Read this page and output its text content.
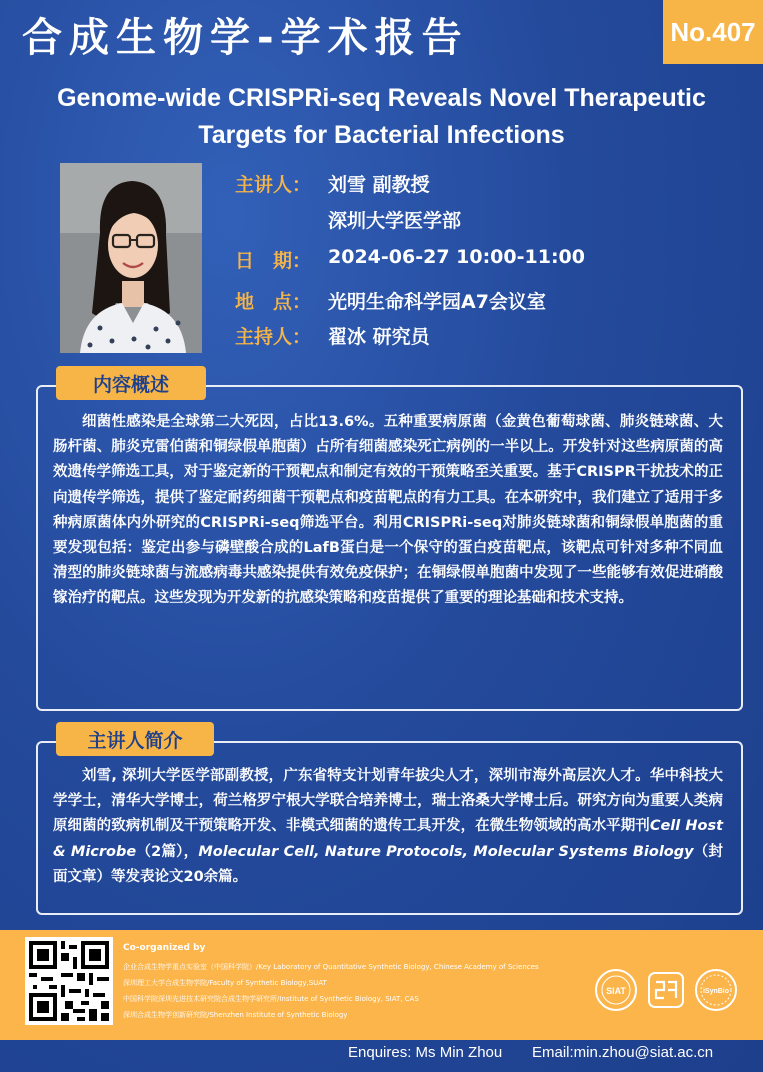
合成生物学-学术报告	No.407
Genome-wide CRISPRi-seq Reveals Novel Therapeutic Targets for Bacterial Infections
主讲人： 刘雪 副教授
深圳大学医学部
日　期： 2024-06-27 10:00-11:00
地　点： 光明生命科学园A7会议室
主持人： 翟冰 研究员
内容概述
细菌性感染是全球第二大死因，占比13.6%。五种重要病原菌（金黄色葡萄球菌、肺炎链球菌、大肠杆菌、肺炎克雷伯菌和铜绿假单胞菌）占所有细菌感染死亡病例的一半以上。开发针对这些病原菌的高效遗传学筛选工具，对于鉴定新的干预靶点和制定有效的干预策略至关重要。基于CRISPR干扰技术的正向遗传学筛选，提供了鉴定耐药细菌干预靶点和疫苗靶点的有力工具。在本研究中，我们建立了适用于多种病原菌体内外研究的CRISPRi-seq筛选平台。利用CRISPRi-seq对肺炎链球菌和铜绿假单胞菌的重要发现包括：鉴定出参与磷壁酸合成的LafB蛋白是一个保守的蛋白疫苗靶点，该靶点可针对多种不同血清型的肺炎链球菌与流感病毒共感染提供有效免疫保护；在铜绿假单胞菌中发现了一些能够有效促进硝酸镓治疗的靶点。这些发现为开发新的抗感染策略和疫苗提供了重要的理论基础和技术支持。
主讲人简介
刘雪, 深圳大学医学部副教授，广东省特支计划青年拔尖人才，深圳市海外高层次人才。华中科技大学学士，清华大学博士，荷兰格罗宁根大学联合培养博士，瑞士洛桑大学博士后。研究方向为重要人类病原细菌的致病机制及干预策略开发、非模式细菌的遗传工具开发，在微生物领域的高水平期刊Cell Host & Microbe（2篇），Molecular Cell, Nature Protocols, Molecular Systems Biology（封面文章）等发表论文20余篇。
Co-organized by
企业合成生物学重点实验室（中国科学院）/Key Laboratory of Quantitative Synthetic Biology, Chinese Academy of Sciences
深圳理工大学合成生物学院/Faculty of Synthetic Biology,SUAT
中国科学院深圳先进技术研究院合成生物学研究所/Institute of Synthetic Biology, SIAT, CAS
深圳合成生物学创新研究院/Shenzhen Institute of Synthetic Biology
SIAT	iSynBio
Enquires: Ms Min Zhou Email:min.zhou@siat.ac.cn
